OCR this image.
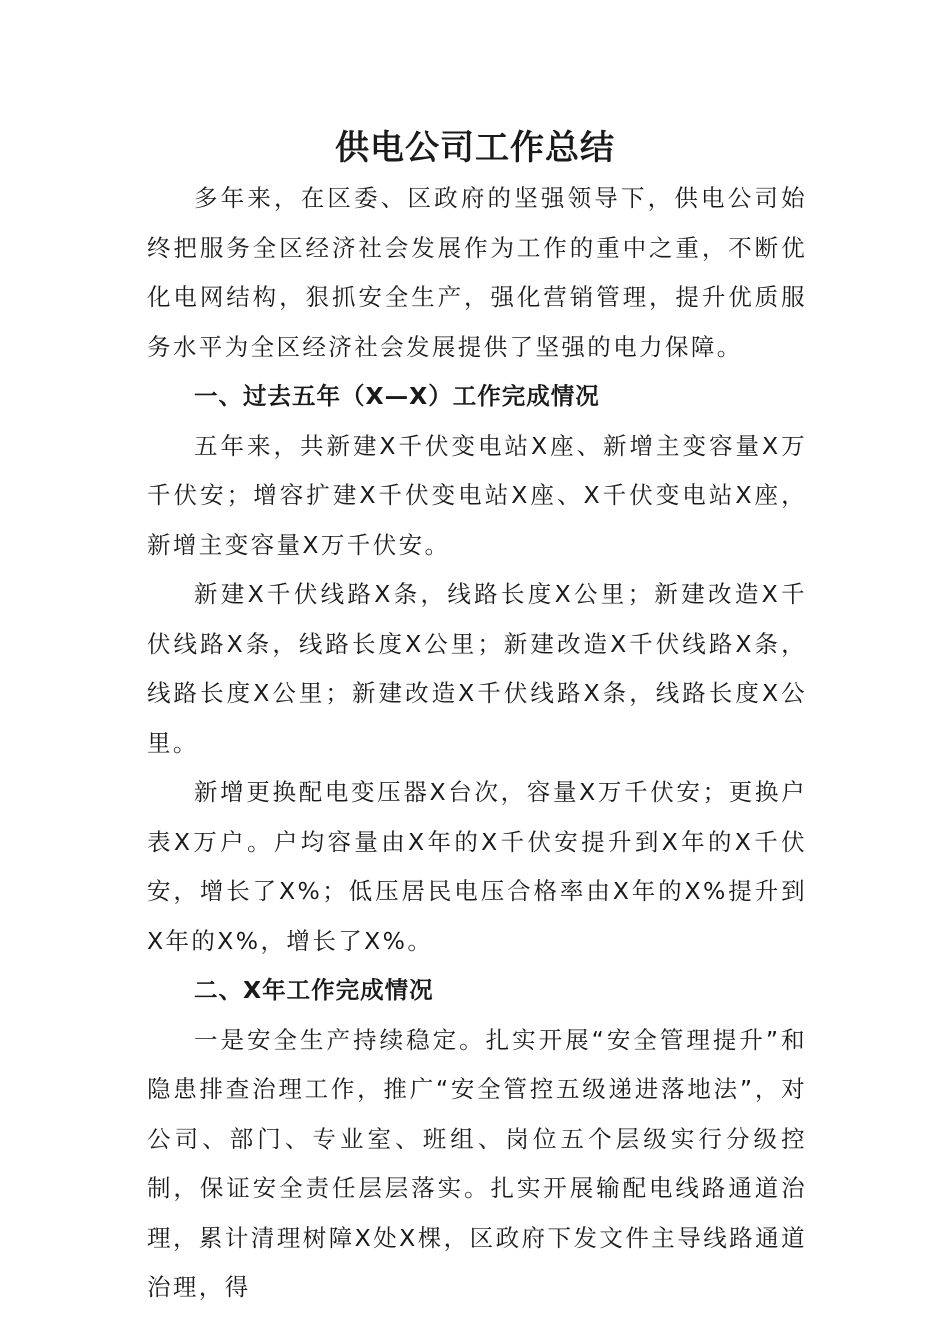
供电公司工作总结

多年来，在区委、区政府的坚强领导下，供电公司始终把服务全区经济社会发展作为工作的重中之重，不断优化电网结构，狠抓安全生产，强化营销管理，提升优质服务水平为全区经济社会发展提供了坚强的电力保障。

一、过去五年（X—X）工作完成情况

五年来，共新建X千伏变电站X座、新增主变容量X万千伏安；增容扩建X千伏变电站X座、X千伏变电站X座，新增主变容量X万千伏安。

新建X千伏线路X条，线路长度X公里；新建改造X千伏线路X条，线路长度X公里；新建改造X千伏线路X条，线路长度X公里；新建改造X千伏线路X条，线路长度X公里。

新增更换配电变压器X台次，容量X万千伏安；更换户表X万户。户均容量由X年的X千伏安提升到X年的X千伏安，增长了X%；低压居民电压合格率由X年的X%提升到X年的X%，增长了X%。

二、X年工作完成情况

一是安全生产持续稳定。扎实开展“安全管理提升”和隐患排查治理工作，推广“安全管控五级递进落地法”，对公司、部门、专业室、班组、岗位五个层级实行分级控制，保证安全责任层层落实。扎实开展输配电线路通道治理，累计清理树障X处X棵，区政府下发文件主导线路通道治理，得
